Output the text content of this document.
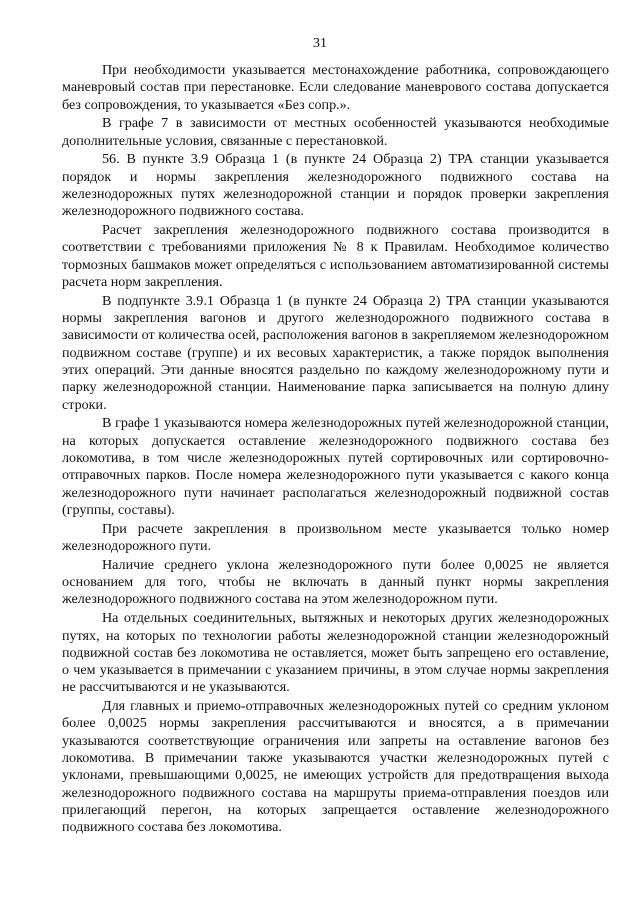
31

При необходимости указывается местонахождение работника, сопровождающего маневровый состав при перестановке. Если следование маневрового состава допускается без сопровождения, то указывается «Без сопр.».

В графе 7 в зависимости от местных особенностей указываются необходимые дополнительные условия, связанные с перестановкой.

56. В пункте 3.9 Образца 1 (в пункте 24 Образца 2) ТРА станции указывается порядок и нормы закрепления железнодорожного подвижного состава на железнодорожных путях железнодорожной станции и порядок проверки закрепления железнодорожного подвижного состава.

Расчет закрепления железнодорожного подвижного состава производится в соответствии с требованиями приложения № 8 к Правилам. Необходимое количество тормозных башмаков может определяться с использованием автоматизированной системы расчета норм закрепления.

В подпункте 3.9.1 Образца 1 (в пункте 24 Образца 2) ТРА станции указываются нормы закрепления вагонов и другого железнодорожного подвижного состава в зависимости от количества осей, расположения вагонов в закрепляемом железнодорожном подвижном составе (группе) и их весовых характеристик, а также порядок выполнения этих операций. Эти данные вносятся раздельно по каждому железнодорожному пути и парку железнодорожной станции. Наименование парка записывается на полную длину строки.

В графе 1 указываются номера железнодорожных путей железнодорожной станции, на которых допускается оставление железнодорожного подвижного состава без локомотива, в том числе железнодорожных путей сортировочных или сортировочно-отправочных парков. После номера железнодорожного пути указывается с какого конца железнодорожного пути начинает располагаться железнодорожный подвижной состав (группы, составы).

При расчете закрепления в произвольном месте указывается только номер железнодорожного пути.

Наличие среднего уклона железнодорожного пути более 0,0025 не является основанием для того, чтобы не включать в данный пункт нормы закрепления железнодорожного подвижного состава на этом железнодорожном пути.

На отдельных соединительных, вытяжных и некоторых других железнодорожных путях, на которых по технологии работы железнодорожной станции железнодорожный подвижной состав без локомотива не оставляется, может быть запрещено его оставление, о чем указывается в примечании с указанием причины, в этом случае нормы закрепления не рассчитываются и не указываются.

Для главных и приемо-отправочных железнодорожных путей со средним уклоном более 0,0025 нормы закрепления рассчитываются и вносятся, а в примечании указываются соответствующие ограничения или запреты на оставление вагонов без локомотива. В примечании также указываются участки железнодорожных путей с уклонами, превышающими 0,0025, не имеющих устройств для предотвращения выхода железнодорожного подвижного состава на маршруты приема-отправления поездов или прилегающий перегон, на которых запрещается оставление железнодорожного подвижного состава без локомотива.
